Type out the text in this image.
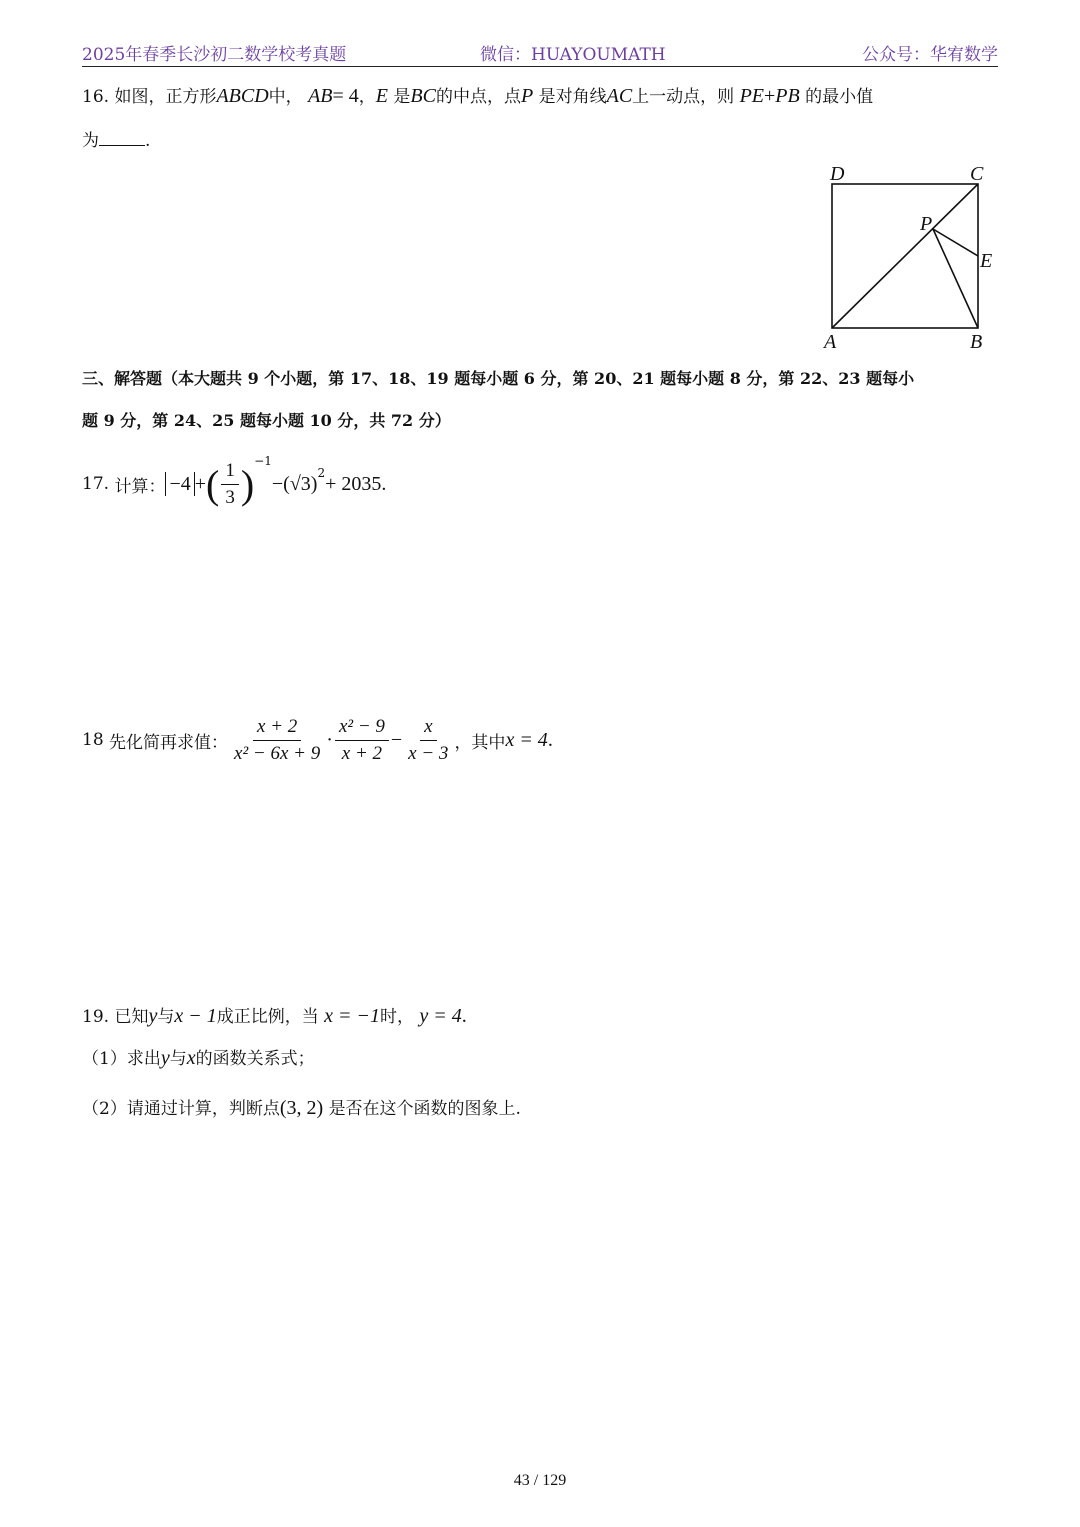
2025年春季长沙初二数学校考真题	微信：HUAYOUMATH	公众号：华宥数学
16. 如图，正方形ABCD中， AB= 4，E 是BC的中点，点P 是对角线AC上一动点，则 PE+PB 的最小值
为	.
D	C
P
E
A	B
三、解答题（本大题共 9 个小题，第 17、18、19 题每小题 6 分，第 20、21 题每小题 8 分，第 22、23 题每小
题 9 分，第 24、25 题每小题 10 分，共 72 分）
17.
计算： −4 + ( $\frac{1}{3}$ )
$^{-1}$
− $(√3)^2 + 2035$ .
18
先化简再求值： $\frac{x + 2}{\text{x² − 6x + 9}} \cdot \frac{\text{x² − 9}}{x + 2} - \frac{x}{x - 3}$ ，其中 x = 4 .
19. 已知y与x − 1成正比例，当 x = −1时， y = 4.
（1）求出y与x的函数关系式；
（2）请通过计算，判断点(3, 2) 是否在这个函数的图象上.
43 / 129
